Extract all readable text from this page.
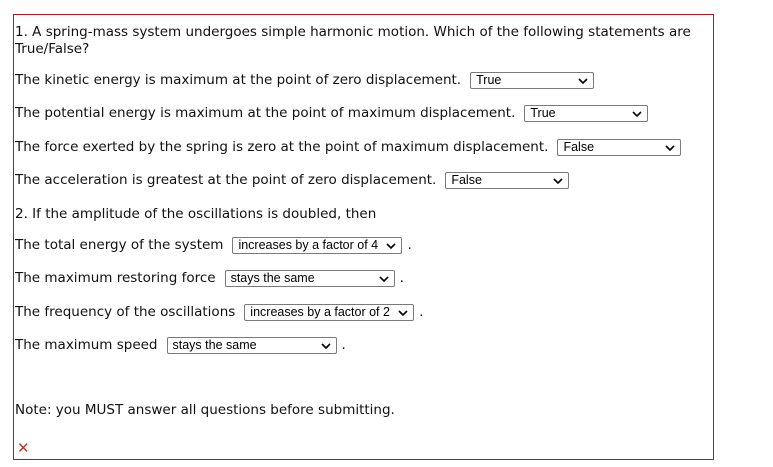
1. A spring-mass system undergoes simple harmonic motion. Which of the following statements are True/False?
The kinetic energy is maximum at the point of zero displacement. True
The potential energy is maximum at the point of maximum displacement. True
The force exerted by the spring is zero at the point of maximum displacement. False
The acceleration is greatest at the point of zero displacement. False
2. If the amplitude of the oscillations is doubled, then
The total energy of the system increases by a factor of 4 .
The maximum restoring force stays the same	.
The frequency of the oscillations increases by a factor of 2 .
The maximum speed stays the same	.
Note: you MUST answer all questions before submitting.
✕
